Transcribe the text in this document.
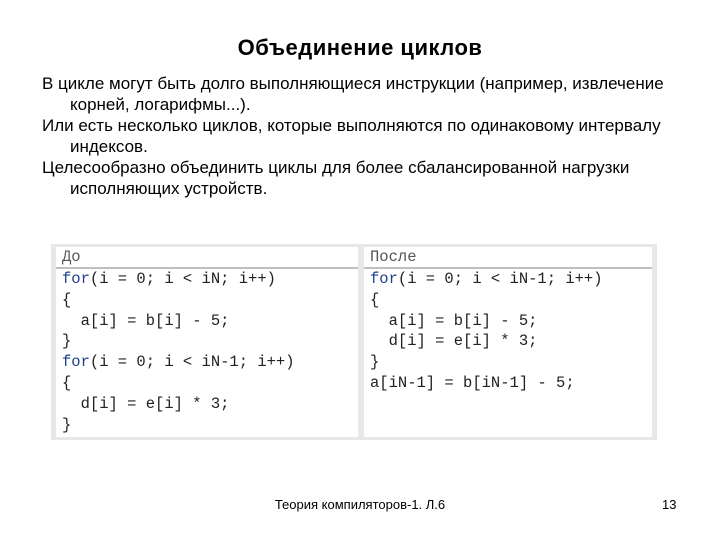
Объединение циклов

В цикле могут быть долго выполняющиеся инструкции (например, извлечение корней, логарифмы...).

Или есть несколько циклов, которые выполняются по одинаковому интервалу индексов.

Целесообразно объединить циклы для более сбалансированной нагрузки исполняющих устройств.

До
for(i = 0; i < iN; i++)
{
a[i] = b[i] - 5;
}
for(i = 0; i < iN-1; i++)
{
d[i] = e[i] * 3;
}
После
for(i = 0; i < iN-1; i++)
{
a[i] = b[i] - 5;
d[i] = e[i] * 3;
}
a[iN-1] = b[iN-1] - 5;
Теория компиляторов-1. Л.6	13
